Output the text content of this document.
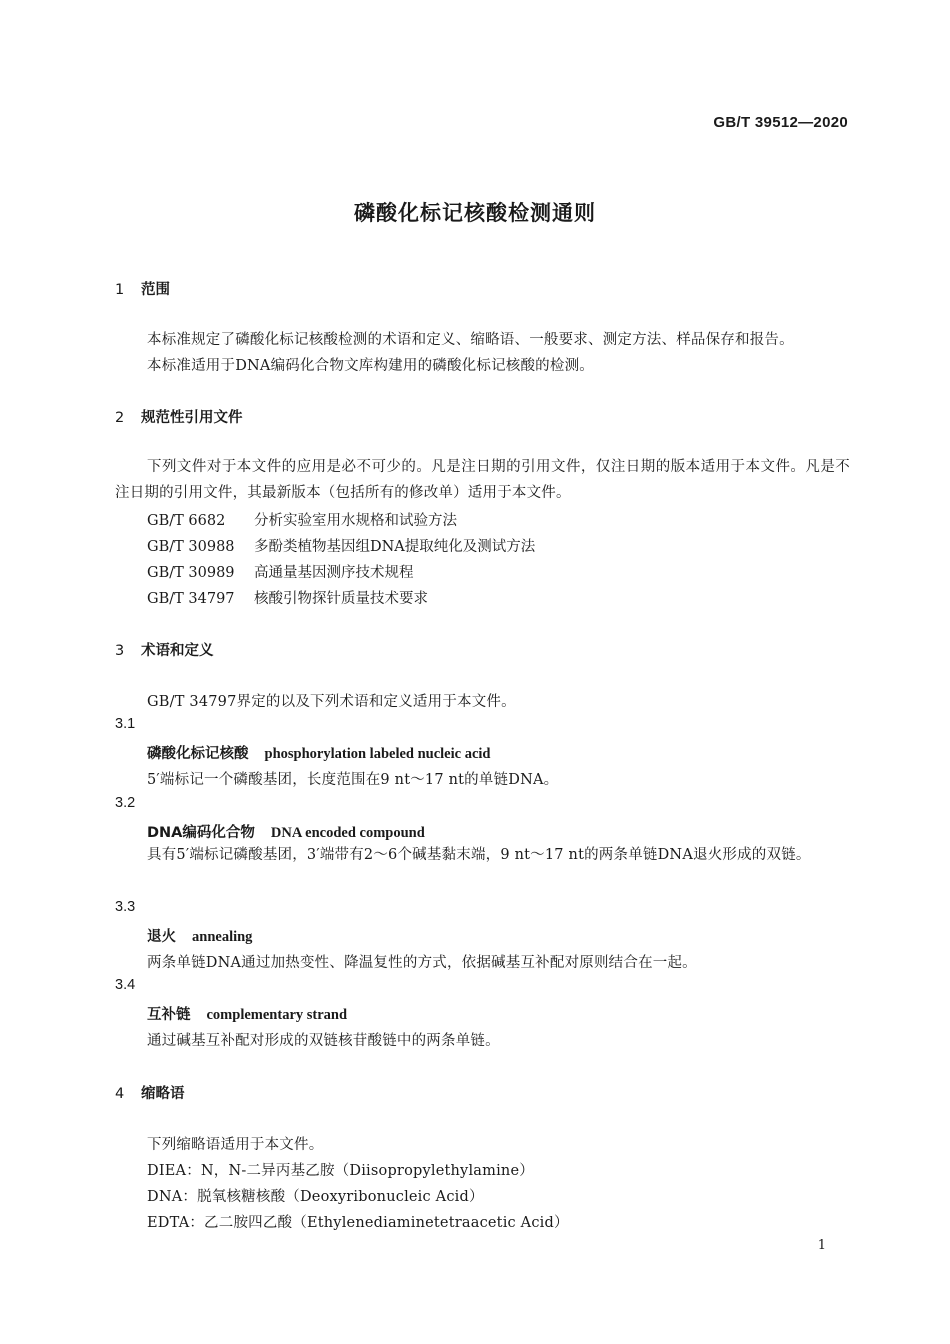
GB/T 39512—2020
磷酸化标记核酸检测通则
1 范围
本标准规定了磷酸化标记核酸检测的术语和定义、缩略语、一般要求、测定方法、样品保存和报告。
本标准适用于DNA编码化合物文库构建用的磷酸化标记核酸的检测。
2 规范性引用文件
下列文件对于本文件的应用是必不可少的。凡是注日期的引用文件，仅注日期的版本适用于本文件。凡是不注日期的引用文件，其最新版本（包括所有的修改单）适用于本文件。
GB/T 6682 分析实验室用水规格和试验方法
GB/T 30988 多酚类植物基因组DNA提取纯化及测试方法
GB/T 30989 高通量基因测序技术规程
GB/T 34797 核酸引物探针质量技术要求
3 术语和定义
GB/T 34797界定的以及下列术语和定义适用于本文件。
3.1
磷酸化标记核酸 phosphorylation labeled nucleic acid
5′端标记一个磷酸基团，长度范围在9 nt～17 nt的单链DNA。
3.2
DNA编码化合物 DNA encoded compound
具有5′端标记磷酸基团，3′端带有2～6个碱基黏末端，9 nt～17 nt的两条单链DNA退火形成的双链。
3.3
退火 annealing
两条单链DNA通过加热变性、降温复性的方式，依据碱基互补配对原则结合在一起。
3.4
互补链 complementary strand
通过碱基互补配对形成的双链核苷酸链中的两条单链。
4 缩略语
下列缩略语适用于本文件。
DIEA：N，N-二异丙基乙胺（Diisopropylethylamine）
DNA：脱氧核糖核酸（Deoxyribonucleic Acid）
EDTA：乙二胺四乙酸（Ethylenediaminetetraacetic Acid）
1
